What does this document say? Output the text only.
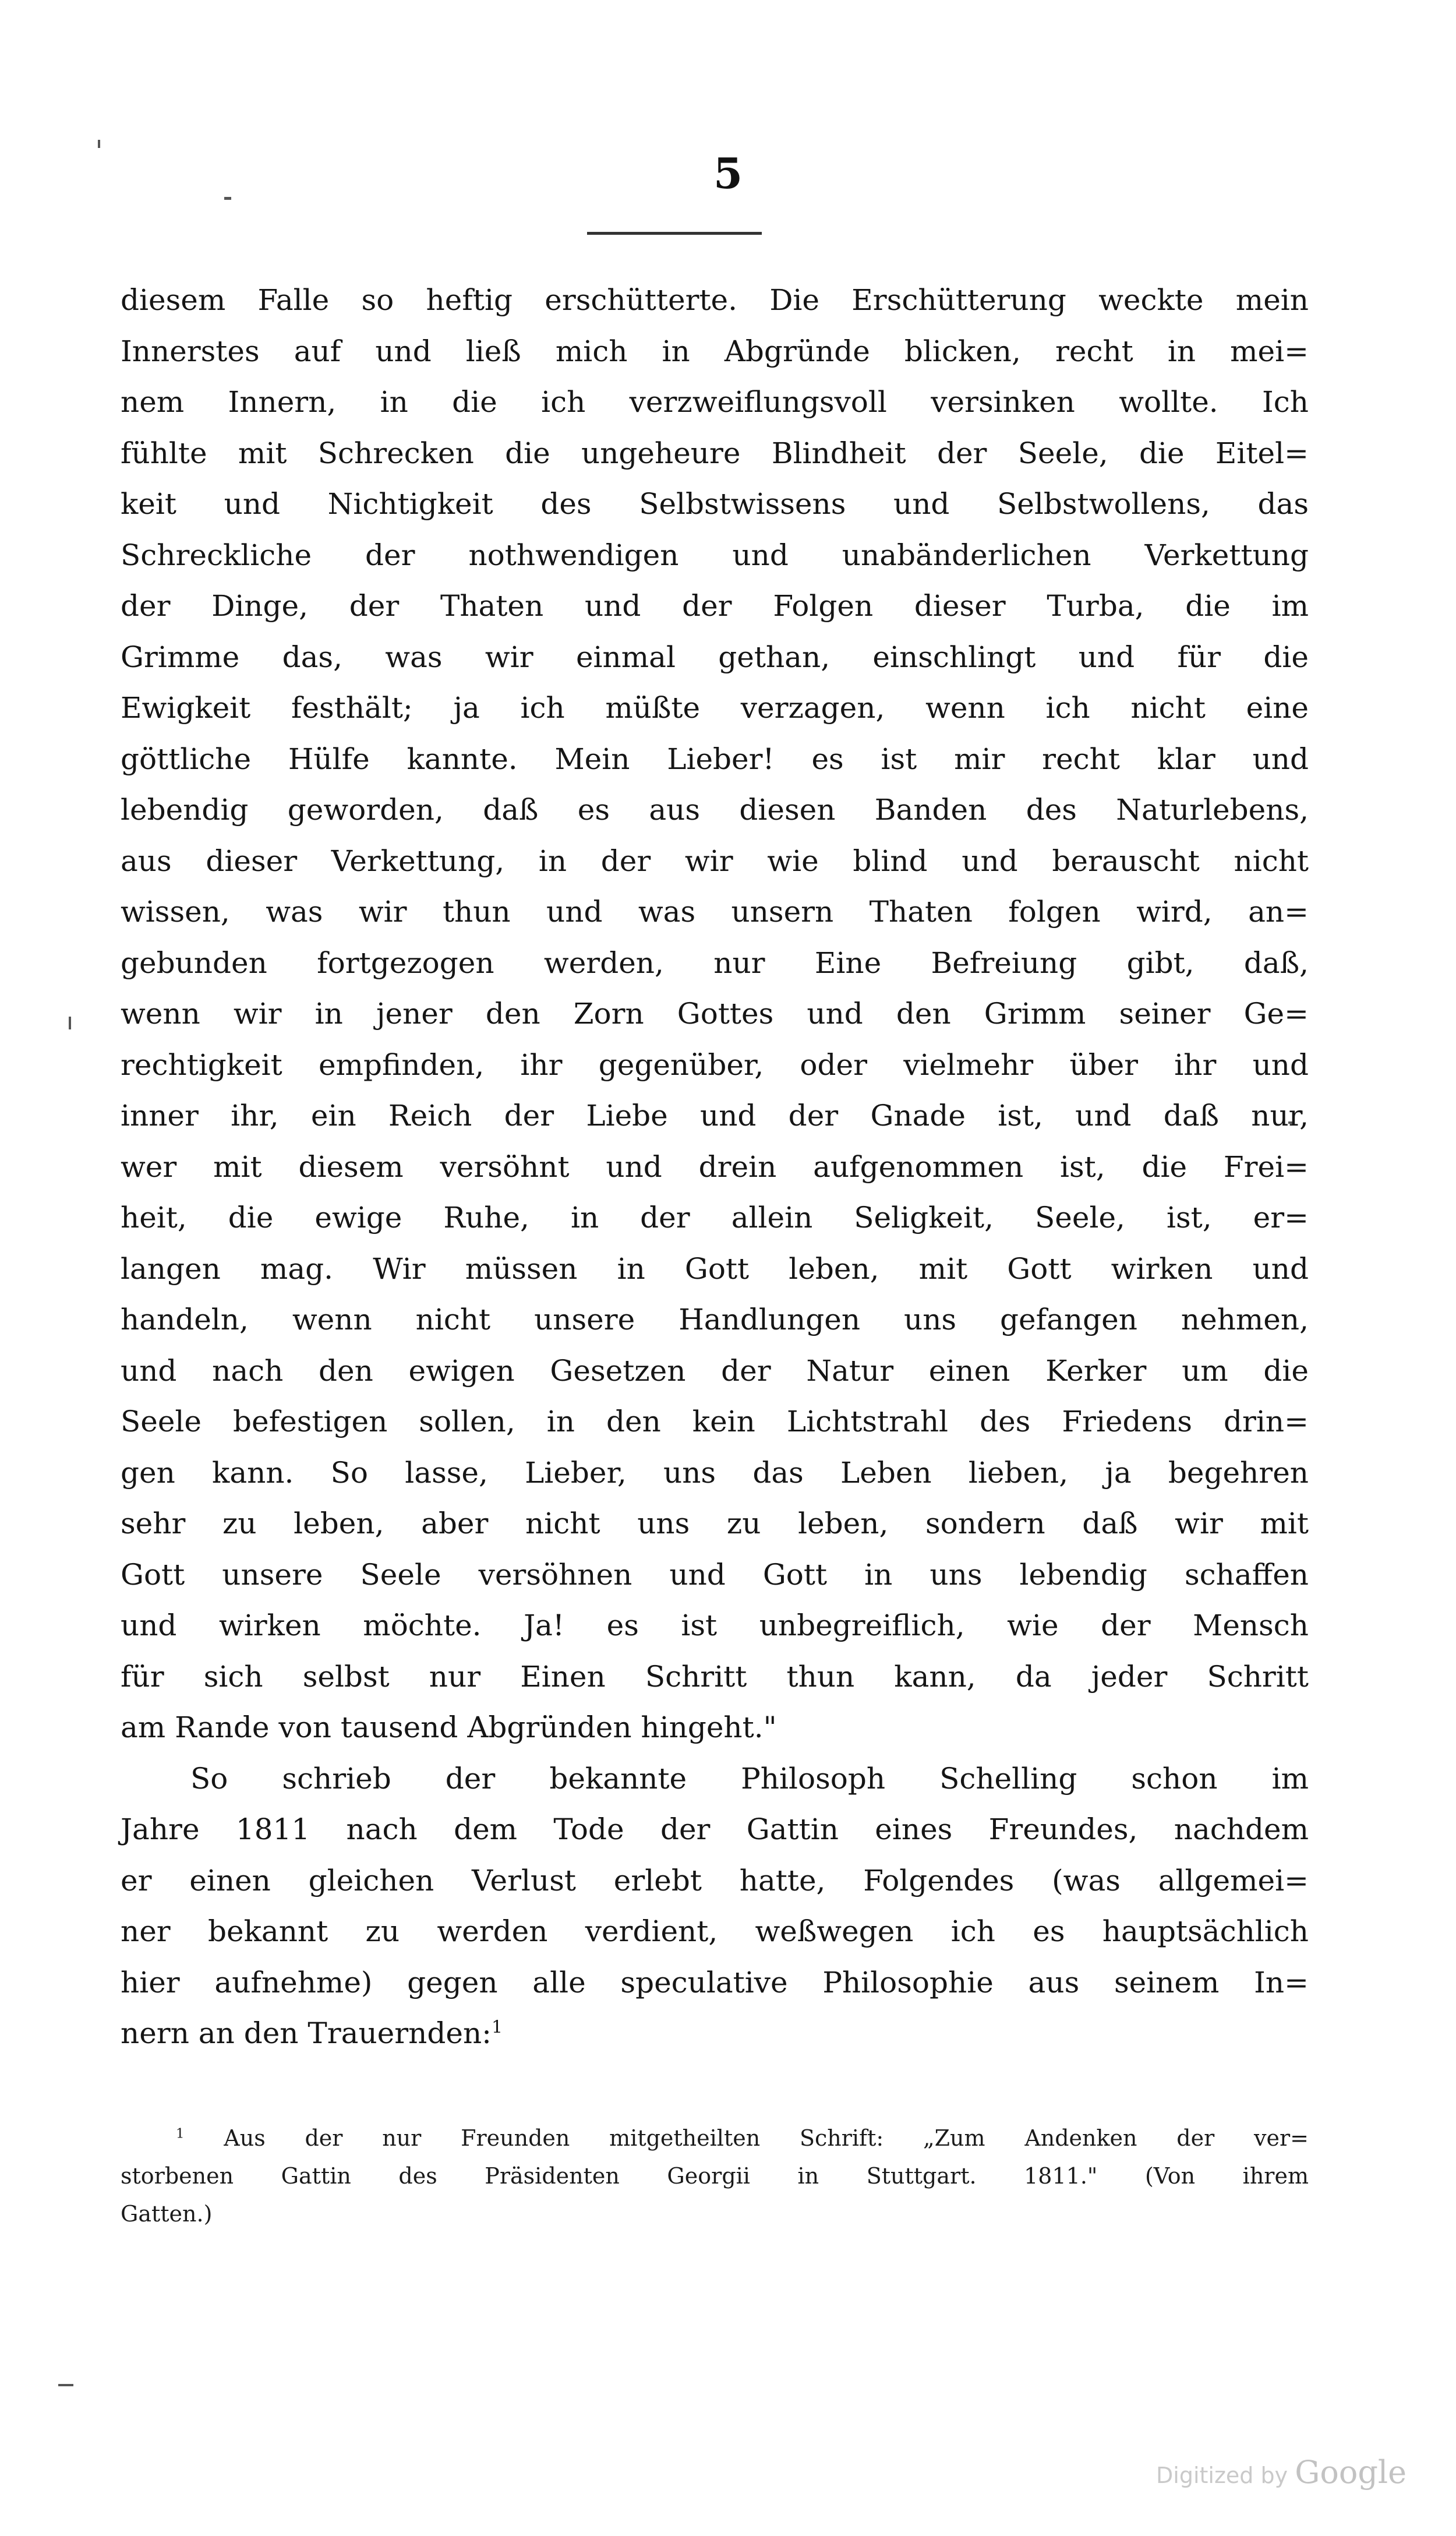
5
diesem Falle so heftig erschütterte. Die Erschütterung weckte mein
Innerstes auf und ließ mich in Abgründe blicken, recht in mei=
nem Innern, in die ich verzweiflungsvoll versinken wollte. Ich
fühlte mit Schrecken die ungeheure Blindheit der Seele, die Eitel=
keit und Nichtigkeit des Selbstwissens und Selbstwollens, das
Schreckliche der nothwendigen und unabänderlichen Verkettung
der Dinge, der Thaten und der Folgen dieser Turba, die im
Grimme das, was wir einmal gethan, einschlingt und für die
Ewigkeit festhält; ja ich müßte verzagen, wenn ich nicht eine
göttliche Hülfe kannte. Mein Lieber! es ist mir recht klar und
lebendig geworden, daß es aus diesen Banden des Naturlebens,
aus dieser Verkettung, in der wir wie blind und berauscht nicht
wissen, was wir thun und was unsern Thaten folgen wird, an=
gebunden fortgezogen werden, nur Eine Befreiung gibt, daß,
wenn wir in jener den Zorn Gottes und den Grimm seiner Ge=
rechtigkeit empfinden, ihr gegenüber, oder vielmehr über ihr und
inner ihr, ein Reich der Liebe und der Gnade ist, und daß nur,
wer mit diesem versöhnt und drein aufgenommen ist, die Frei=
heit, die ewige Ruhe, in der allein Seligkeit, Seele, ist, er=
langen mag. Wir müssen in Gott leben, mit Gott wirken und
handeln, wenn nicht unsere Handlungen uns gefangen nehmen,
und nach den ewigen Gesetzen der Natur einen Kerker um die
Seele befestigen sollen, in den kein Lichtstrahl des Friedens drin=
gen kann. So lasse, Lieber, uns das Leben lieben, ja begehren
sehr zu leben, aber nicht uns zu leben, sondern daß wir mit
Gott unsere Seele versöhnen und Gott in uns lebendig schaffen
und wirken möchte. Ja! es ist unbegreiflich, wie der Mensch
für sich selbst nur Einen Schritt thun kann, da jeder Schritt
am Rande von tausend Abgründen hingeht."
So schrieb der bekannte Philosoph Schelling schon im
Jahre 1811 nach dem Tode der Gattin eines Freundes, nachdem
er einen gleichen Verlust erlebt hatte, Folgendes (was allgemei=
ner bekannt zu werden verdient, weßwegen ich es hauptsächlich
hier aufnehme) gegen alle speculative Philosophie aus seinem In=
nern an den Trauernden:$^1$
$^1$ Aus der nur Freunden mitgetheilten Schrift: „Zum Andenken der ver=
storbenen Gattin des Präsidenten Georgii in Stuttgart. 1811." (Von ihrem
Gatten.)
Digitized by Google
